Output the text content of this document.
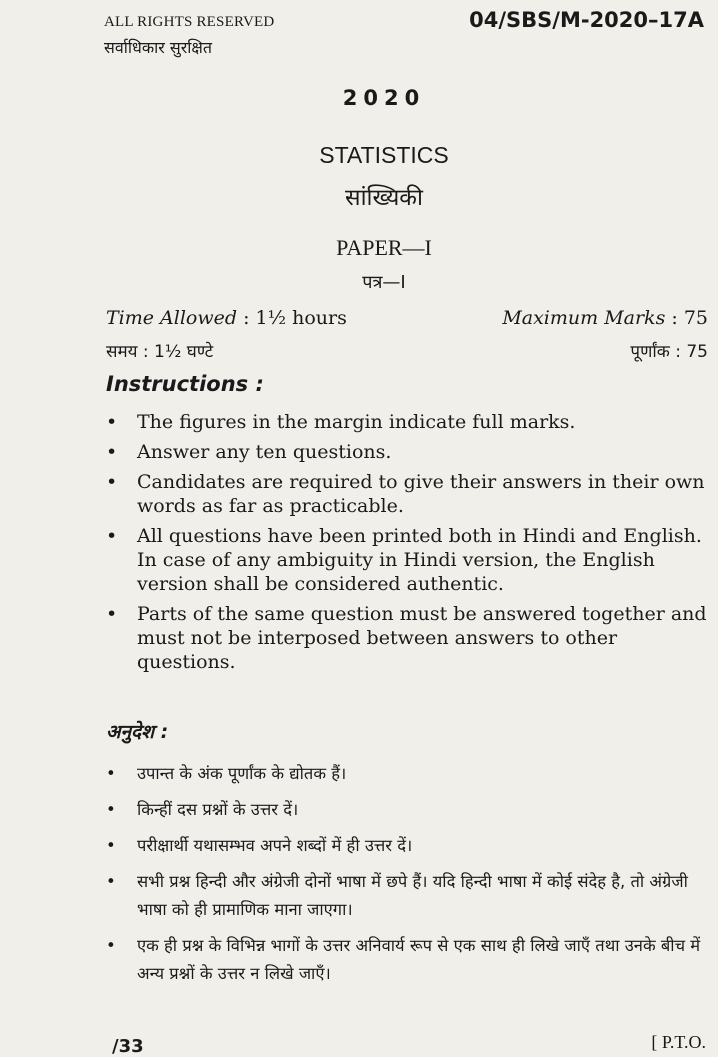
ALL RIGHTS RESERVED
सर्वाधिकार सुरक्षित
04/SBS/M-2020–17A
2020
STATISTICS
सांख्यिकी
PAPER—I
पत्र—I
Time Allowed : 1½ hours	Maximum Marks : 75
समय : 1½ घण्टे	पूर्णांक : 75
Instructions :
• The figures in the margin indicate full marks.
• Answer any ten questions.
• Candidates are required to give their answers in their own words as far as practicable.
• All questions have been printed both in Hindi and English. In case of any ambiguity in Hindi version, the English version shall be considered authentic.
• Parts of the same question must be answered together and must not be interposed between answers to other questions.
अनुदेश :
• उपान्त के अंक पूर्णांक के द्योतक हैं।
• किन्हीं दस प्रश्नों के उत्तर दें।
• परीक्षार्थी यथासम्भव अपने शब्दों में ही उत्तर दें।
• सभी प्रश्न हिन्दी और अंग्रेजी दोनों भाषा में छपे हैं। यदि हिन्दी भाषा में कोई संदेह है, तो अंग्रेजी भाषा को ही प्रामाणिक माना जाएगा।
• एक ही प्रश्न के विभिन्न भागों के उत्तर अनिवार्य रूप से एक साथ ही लिखे जाएँ तथा उनके बीच में अन्य प्रश्नों के उत्तर न लिखे जाएँ।
/33	[ P.T.O.
